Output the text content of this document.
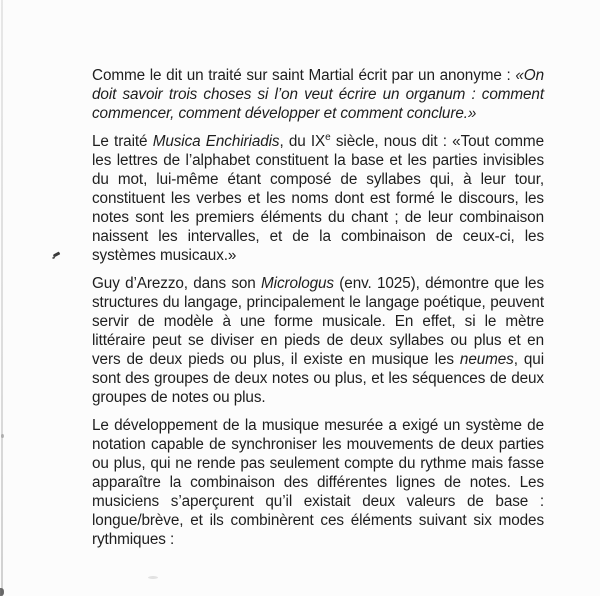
Comme le dit un traité sur saint Martial écrit par un anonyme : «On doit savoir trois choses si l’on veut écrire un organum : comment commencer, comment développer et comment conclure.»

Le traité Musica Enchiriadis, du IXe siècle, nous dit : «Tout comme les lettres de l’alphabet constituent la base et les parties invisibles du mot, lui-même étant composé de syllabes qui, à leur tour, constituent les verbes et les noms dont est formé le discours, les notes sont les premiers éléments du chant ; de leur combinaison naissent les intervalles, et de la combinaison de ceux-ci, les systèmes musicaux.»

Guy d’Arezzo, dans son Micrologus (env. 1025), démontre que les structures du langage, principalement le langage poétique, peuvent servir de modèle à une forme musicale. En effet, si le mètre littéraire peut se diviser en pieds de deux syllabes ou plus et en vers de deux pieds ou plus, il existe en musique les neumes, qui sont des groupes de deux notes ou plus, et les séquences de deux groupes de notes ou plus.

Le développement de la musique mesurée a exigé un système de notation capable de synchroniser les mouvements de deux parties ou plus, qui ne rende pas seulement compte du rythme mais fasse apparaître la combinaison des différentes lignes de notes. Les musiciens s’aperçurent qu’il existait deux valeurs de base : longue/brève, et ils combinèrent ces éléments suivant six modes rythmiques :
